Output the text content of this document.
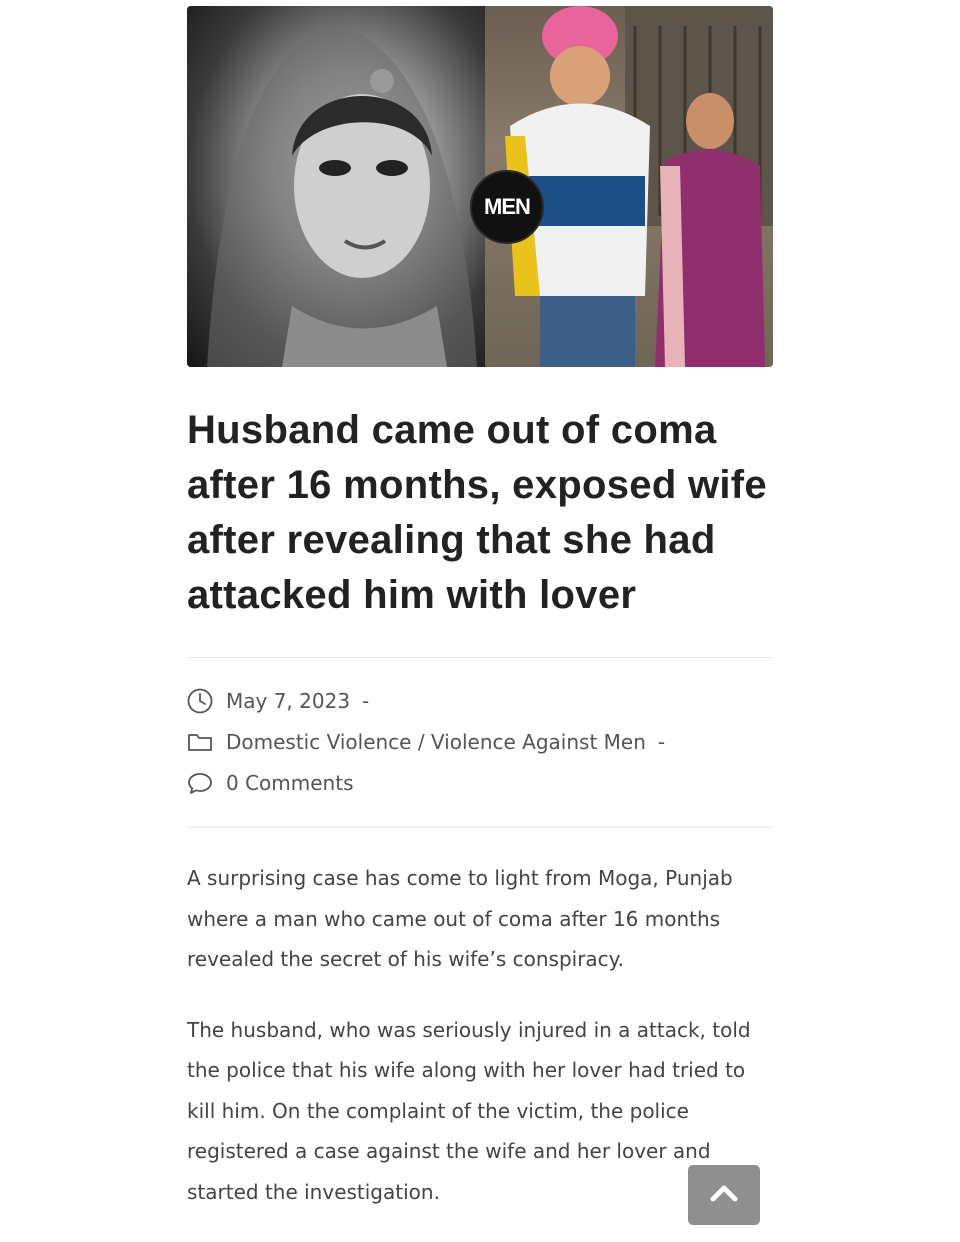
MEN
Husband came out of coma after 16 months, exposed wife after revealing that she had attacked him with lover
May 7, 2023 -
Domestic Violence / Violence Against Men -
0 Comments

A surprising case has come to light from Moga, Punjab where a man who came out of coma after 16 months revealed the secret of his wife’s conspiracy.

The husband, who was seriously injured in a attack, told the police that his wife along with her lover had tried to kill him. On the complaint of the victim, the police registered a case against the wife and her lover and started the investigation.
